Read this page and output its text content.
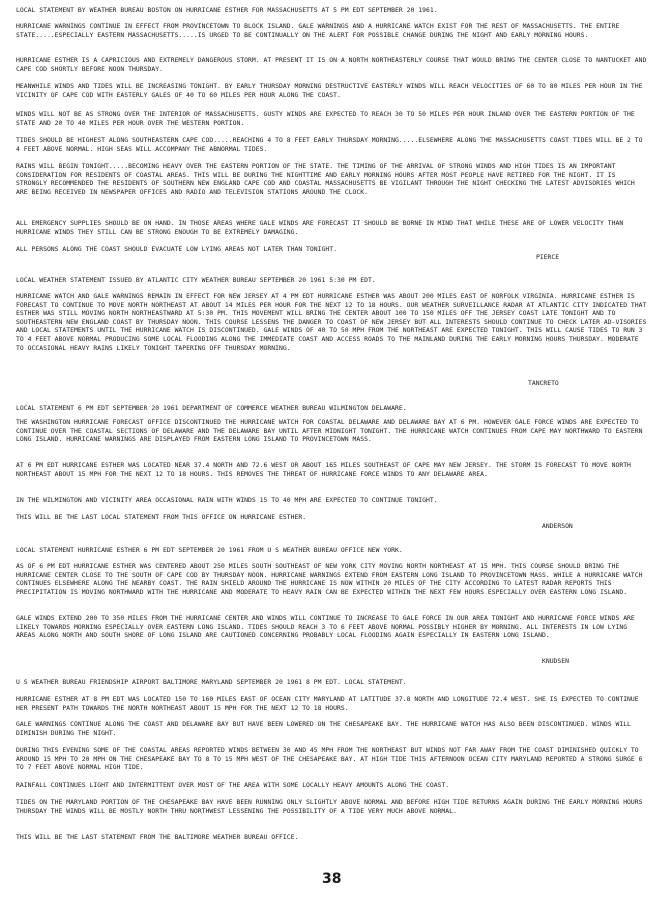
LOCAL STATEMENT BY WEATHER BUREAU BOSTON ON HURRICANE ESTHER FOR MASSACHUSETTS AT 5 PM EDT SEPTEMBER 20 1961.

HURRICANE WARNINGS CONTINUE IN EFFECT FROM PROVINCETOWN TO BLOCK ISLAND. GALE WARNINGS AND A HURRICANE WATCH EXIST FOR THE REST OF MASSACHUSETTS. THE ENTIRE STATE.....ESPECIALLY EASTERN MASSACHUSETTS.....IS URGED TO BE CONTINUALLY ON THE ALERT FOR POSSIBLE CHANGE DURING THE NIGHT AND EARLY MORNING HOURS.

HURRICANE ESTHER IS A CAPRICIOUS AND EXTREMELY DANGEROUS STORM. AT PRESENT IT IS ON A NORTH NORTHEASTERLY COURSE THAT WOULD BRING THE CENTER CLOSE TO NANTUCKET AND CAPE COD SHORTLY BEFORE NOON THURSDAY.

MEANWHILE WINDS AND TIDES WILL BE INCREASING TONIGHT. BY EARLY THURSDAY MORNING DESTRUCTIVE EASTERLY WINDS WILL REACH VELOCITIES OF 60 TO 80 MILES PER HOUR IN THE VICINITY OF CAPE COD WITH EASTERLY GALES OF 40 TO 60 MILES PER HOUR ALONG THE COAST.

WINDS WILL NOT BE AS STRONG OVER THE INTERIOR OF MASSACHUSETTS. GUSTY WINDS ARE EXPECTED TO REACH 30 TO 50 MILES PER HOUR INLAND OVER THE EASTERN PORTION OF THE STATE AND 20 TO 40 MILES PER HOUR OVER THE WESTERN PORTION.

TIDES SHOULD BE HIGHEST ALONG SOUTHEASTERN CAPE COD.....REACHING 4 TO 8 FEET EARLY THURSDAY MORNING.....ELSEWHERE ALONG THE MASSACHUSETTS COAST TIDES WILL BE 2 TO 4 FEET ABOVE NORMAL. HIGH SEAS WILL ACCOMPANY THE ABNORMAL TIDES.

RAINS WILL BEGIN TONIGHT.....BECOMING HEAVY OVER THE EASTERN PORTION OF THE STATE. THE TIMING OF THE ARRIVAL OF STRONG WINDS AND HIGH TIDES IS AN IMPORTANT CONSIDERATION FOR RESIDENTS OF COASTAL AREAS. THIS WILL BE DURING THE NIGHTTIME AND EARLY MORNING HOURS AFTER MOST PEOPLE HAVE RETIRED FOR THE NIGHT. IT IS STRONGLY RECOMMENDED THE RESIDENTS OF SOUTHERN NEW ENGLAND CAPE COD AND COASTAL MASSACHUSETTS BE VIGILANT THROUGH THE NIGHT CHECKING THE LATEST ADVISORIES WHICH ARE BEING RECEIVED IN NEWSPAPER OFFICES AND RADIO AND TELEVISION STATIONS AROUND THE CLOCK.

ALL EMERGENCY SUPPLIES SHOULD BE ON HAND. IN THOSE AREAS WHERE GALE WINDS ARE FORECAST IT SHOULD BE BORNE IN MIND THAT WHILE THESE ARE OF LOWER VELOCITY THAN HURRICANE WINDS THEY STILL CAN BE STRONG ENOUGH TO BE EXTREMELY DAMAGING.

ALL PERSONS ALONG THE COAST SHOULD EVACUATE LOW LYING AREAS NOT LATER THAN TONIGHT.

PIERCE

LOCAL WEATHER STATEMENT ISSUED BY ATLANTIC CITY WEATHER BUREAU SEPTEMBER 20 1961 5:30 PM EDT.

HURRICANE WATCH AND GALE WARNINGS REMAIN IN EFFECT FOR NEW JERSEY AT 4 PM EDT HURRICANE ESTHER WAS ABOUT 200 MILES EAST OF NORFOLK VIRGINIA. HURRICANE ESTHER IS FORECAST TO CONTINUE TO MOVE NORTH NORTHEAST AT ABOUT 14 MILES PER HOUR FOR THE NEXT 12 TO 18 HOURS. OUR WEATHER SURVEILLANCE RADAR AT ATLANTIC CITY INDICATED THAT ESTHER WAS STILL MOVING NORTH NORTHEASTWARD AT 5:30 PM. THIS MOVEMENT WILL BRING THE CENTER ABOUT 100 TO 150 MILES OFF THE JERSEY COAST LATE TONIGHT AND TO SOUTHEASTERN NEW ENGLAND COAST BY THURSDAY NOON. THIS COURSE LESSENS THE DANGER TO COAST OF NEW JERSEY BUT ALL INTERESTS SHOULD CONTINUE TO CHECK LATER AD-VISORIES AND LOCAL STATEMENTS UNTIL THE HURRICANE WATCH IS DISCONTINUED. GALE WINDS OF 40 TO 50 MPH FROM THE NORTHEAST ARE EXPECTED TONIGHT. THIS WILL CAUSE TIDES TO RUN 3 TO 4 FEET ABOVE NORMAL PRODUCING SOME LOCAL FLOODING ALONG THE IMMEDIATE COAST AND ACCESS ROADS TO THE MAINLAND DURING THE EARLY MORNING HOURS THURSDAY. MODERATE TO OCCASIONAL HEAVY RAINS LIKELY TONIGHT TAPERING OFF THURSDAY MORNING.

TANCRETO

LOCAL STATEMENT 6 PM EDT SEPTEMBER 20 1961 DEPARTMENT OF COMMERCE WEATHER BUREAU WILMINGTON DELAWARE.

THE WASHINGTON HURRICANE FORECAST OFFICE DISCONTINUED THE HURRICANE WATCH FOR COASTAL DELAWARE AND DELAWARE BAY AT 6 PM. HOWEVER GALE FORCE WINDS ARE EXPECTED TO CONTINUE OVER THE COASTAL SECTIONS OF DELAWARE AND THE DELAWARE BAY UNTIL AFTER MIDNIGHT TONIGHT. THE HURRICANE WATCH CONTINUES FROM CAPE MAY NORTHWARD TO EASTERN LONG ISLAND. HURRICANE WARNINGS ARE DISPLAYED FROM EASTERN LONG ISLAND TO PROVINCETOWN MASS.

AT 6 PM EDT HURRICANE ESTHER WAS LOCATED NEAR 37.4 NORTH AND 72.6 WEST OR ABOUT 165 MILES SOUTHEAST OF CAPE MAY NEW JERSEY. THE STORM IS FORECAST TO MOVE NORTH NORTHEAST ABOUT 15 MPH FOR THE NEXT 12 TO 18 HOURS. THIS REMOVES THE THREAT OF HURRICANE FORCE WINDS TO ANY DELAWARE AREA.

IN THE WILMINGTON AND VICINITY AREA OCCASIONAL RAIN WITH WINDS 15 TO 40 MPH ARE EXPECTED TO CONTINUE TONIGHT.

THIS WILL BE THE LAST LOCAL STATEMENT FROM THIS OFFICE ON HURRICANE ESTHER.

ANDERSON

LOCAL STATEMENT HURRICANE ESTHER 6 PM EDT SEPTEMBER 20 1961 FROM U S WEATHER BUREAU OFFICE NEW YORK.

AS OF 6 PM EDT HURRICANE ESTHER WAS CENTERED ABOUT 250 MILES SOUTH SOUTHEAST OF NEW YORK CITY MOVING NORTH NORTHEAST AT 15 MPH. THIS COURSE SHOULD BRING THE HURRICANE CENTER CLOSE TO THE SOUTH OF CAPE COD BY THURSDAY NOON. HURRICANE WARNINGS EXTEND FROM EASTERN LONG ISLAND TO PROVINCETOWN MASS. WHILE A HURRICANE WATCH CONTINUES ELSEWHERE ALONG THE NEARBY COAST. THE RAIN SHIELD AROUND THE HURRICANE IS NOW WITHIN 20 MILES OF THE CITY ACCORDING TO LATEST RADAR REPORTS THIS PRECIPITATION IS MOVING NORTHWARD WITH THE HURRICANE AND MODERATE TO HEAVY RAIN CAN BE EXPECTED WITHIN THE NEXT FEW HOURS ESPECIALLY OVER EASTERN LONG ISLAND.

GALE WINDS EXTEND 200 TO 350 MILES FROM THE HURRICANE CENTER AND WINDS WILL CONTINUE TO INCREASE TO GALE FORCE IN OUR AREA TONIGHT AND HURRICANE FORCE WINDS ARE LIKELY TOWARDS MORNING ESPECIALLY OVER EASTERN LONG ISLAND. TIDES SHOULD REACH 3 TO 6 FEET ABOVE NORMAL POSSIBLY HIGHER BY MORNING. ALL INTERESTS IN LOW LYING AREAS ALONG NORTH AND SOUTH SHORE OF LONG ISLAND ARE CAUTIONED CONCERNING PROBABLY LOCAL FLOODING AGAIN ESPECIALLY IN EASTERN LONG ISLAND.

KNUDSEN

U S WEATHER BUREAU FRIENDSHIP AIRPORT BALTIMORE MARYLAND SEPTEMBER 20 1961 8 PM EDT. LOCAL STATEMENT.

HURRICANE ESTHER AT 8 PM EDT WAS LOCATED 150 TO 160 MILES EAST OF OCEAN CITY MARYLAND AT LATITUDE 37.8 NORTH AND LONGITUDE 72.4 WEST. SHE IS EXPECTED TO CONTINUE HER PRESENT PATH TOWARDS THE NORTH NORTHEAST ABOUT 15 MPH FOR THE NEXT 12 TO 18 HOURS.

GALE WARNINGS CONTINUE ALONG THE COAST AND DELAWARE BAY BUT HAVE BEEN LOWERED ON THE CHESAPEAKE BAY. THE HURRICANE WATCH HAS ALSO BEEN DISCONTINUED. WINDS WILL DIMINISH DURING THE NIGHT.

DURING THIS EVENING SOME OF THE COASTAL AREAS REPORTED WINDS BETWEEN 30 AND 45 MPH FROM THE NORTHEAST BUT WINDS NOT FAR AWAY FROM THE COAST DIMINISHED QUICKLY TO AROUND 15 MPH TO 20 MPH ON THE CHESAPEAKE BAY TO 8 TO 15 MPH WEST OF THE CHESAPEAKE BAY. AT HIGH TIDE THIS AFTERNOON OCEAN CITY MARYLAND REPORTED A STRONG SURGE 6 TO 7 FEET ABOVE NORMAL HIGH TIDE.

RAINFALL CONTINUES LIGHT AND INTERMITTENT OVER MOST OF THE AREA WITH SOME LOCALLY HEAVY AMOUNTS ALONG THE COAST.

TIDES ON THE MARYLAND PORTION OF THE CHESAPEAKE BAY HAVE BEEN RUNNING ONLY SLIGHTLY ABOVE NORMAL AND BEFORE HIGH TIDE RETURNS AGAIN DURING THE EARLY MORNING HOURS THURSDAY THE WINDS WILL BE MOSTLY NORTH THRU NORTHWEST LESSENING THE POSSIBILITY OF A TIDE VERY MUCH ABOVE NORMAL.

THIS WILL BE THE LAST STATEMENT FROM THE BALTIMORE WEATHER BUREAU OFFICE.

38
